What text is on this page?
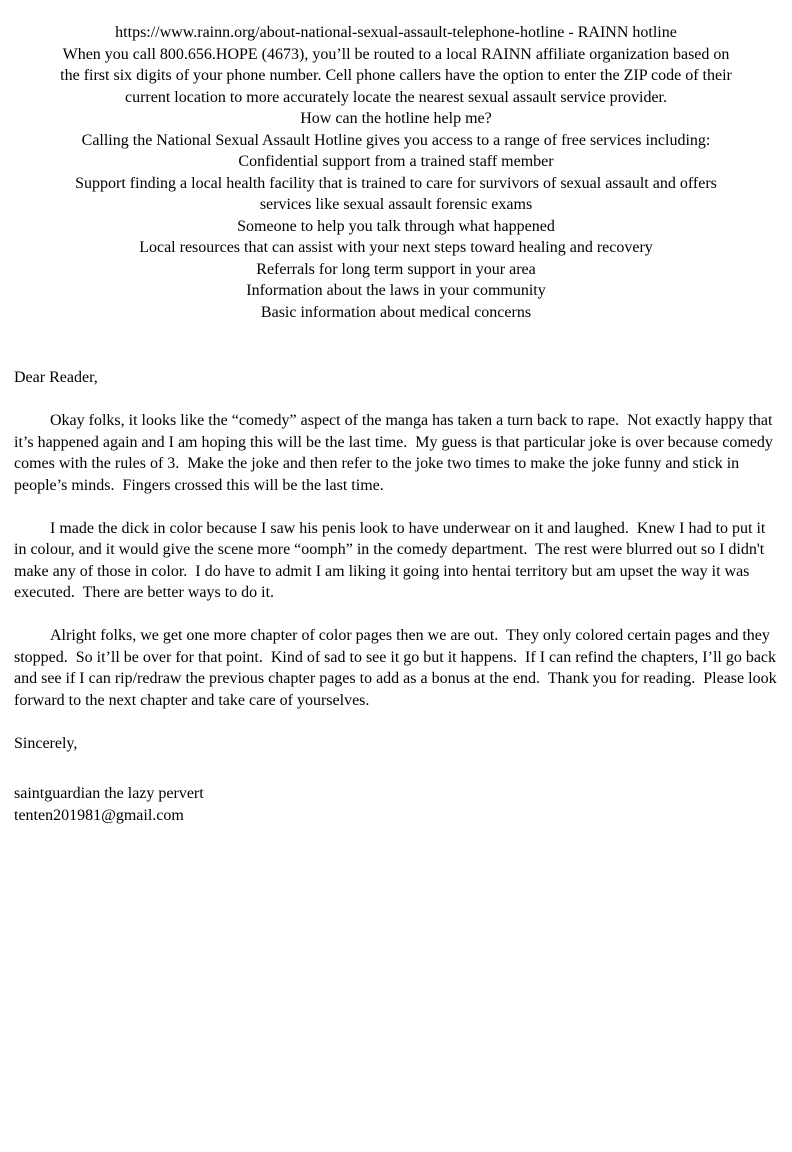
https://www.rainn.org/about-national-sexual-assault-telephone-hotline - RAINN hotline
When you call 800.656.HOPE (4673), you’ll be routed to a local RAINN affiliate organization based on
the first six digits of your phone number. Cell phone callers have the option to enter the ZIP code of their
current location to more accurately locate the nearest sexual assault service provider.
How can the hotline help me?
Calling the National Sexual Assault Hotline gives you access to a range of free services including:
Confidential support from a trained staff member
Support finding a local health facility that is trained to care for survivors of sexual assault and offers
services like sexual assault forensic exams
Someone to help you talk through what happened
Local resources that can assist with your next steps toward healing and recovery
Referrals for long term support in your area
Information about the laws in your community
Basic information about medical concerns
Dear Reader,

Okay folks, it looks like the “comedy” aspect of the manga has taken a turn back to rape.  Not exactly happy that it’s happened again and I am hoping this will be the last time.  My guess is that particular joke is over because comedy comes with the rules of 3.  Make the joke and then refer to the joke two times to make the joke funny and stick in people’s minds.  Fingers crossed this will be the last time.

I made the dick in color because I saw his penis look to have underwear on it and laughed.  Knew I had to put it in colour, and it would give the scene more “oomph” in the comedy department.  The rest were blurred out so I didn't make any of those in color.  I do have to admit I am liking it going into hentai territory but am upset the way it was executed.  There are better ways to do it.

Alright folks, we get one more chapter of color pages then we are out.  They only colored certain pages and they stopped.  So it’ll be over for that point.  Kind of sad to see it go but it happens.  If I can refind the chapters, I’ll go back and see if I can rip/redraw the previous chapter pages to add as a bonus at the end.  Thank you for reading.  Please look forward to the next chapter and take care of yourselves.

Sincerely,
saintguardian the lazy pervert
tenten201981@gmail.com
